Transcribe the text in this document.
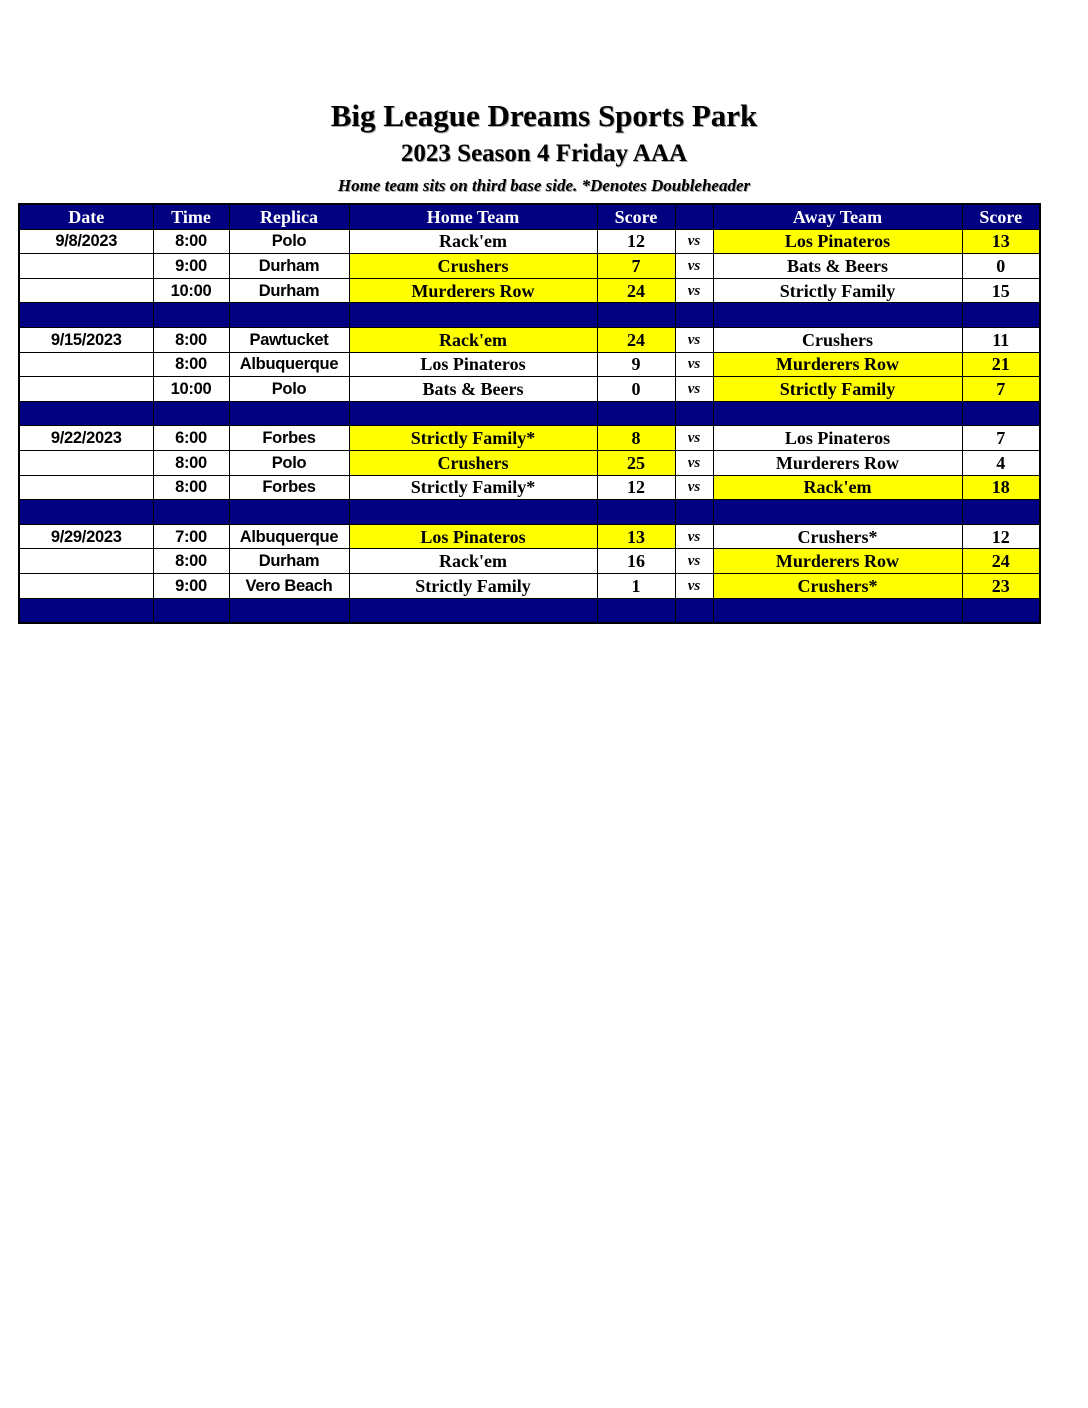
Big League Dreams Sports Park
2023 Season 4 Friday AAA
Home team sits on third base side. *Denotes Doubleheader
Date	Time	Replica	Home Team	Score		Away Team	Score
9/8/2023	8:00	Polo	Rack'em	12	vs	Los Pinateros	13
	9:00	Durham	Crushers	7	vs	Bats & Beers	0
	10:00	Durham	Murderers Row	24	vs	Strictly Family	15

9/15/2023	8:00	Pawtucket	Rack'em	24	vs	Crushers	11
	8:00	Albuquerque	Los Pinateros	9	vs	Murderers Row	21
	10:00	Polo	Bats & Beers	0	vs	Strictly Family	7

9/22/2023	6:00	Forbes	Strictly Family*	8	vs	Los Pinateros	7
	8:00	Polo	Crushers	25	vs	Murderers Row	4
	8:00	Forbes	Strictly Family*	12	vs	Rack'em	18

9/29/2023	7:00	Albuquerque	Los Pinateros	13	vs	Crushers*	12
	8:00	Durham	Rack'em	16	vs	Murderers Row	24
	9:00	Vero Beach	Strictly Family	1	vs	Crushers*	23
